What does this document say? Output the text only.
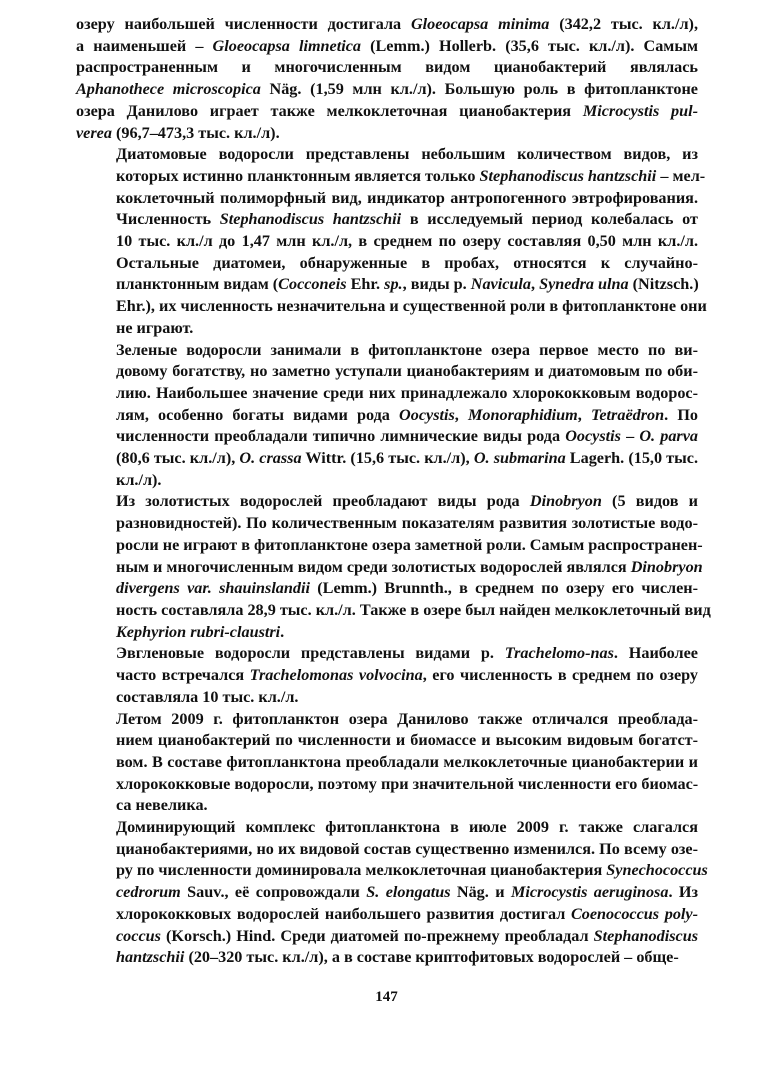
озеру наибольшей численности достигала Gloeocapsa minima (342,2 тыс. кл./л),
а наименьшей – Gloeocapsa limnetica (Lemm.) Hollerb. (35,6 тыс. кл./л). Самым
распространенным и многочисленным видом цианобактерий являлась
Aphanothece microscopica Näg. (1,59 млн кл./л). Большую роль в фитопланктоне
озера Данилово играет также мелкоклеточная цианобактерия Microcystis pul-
verea (96,7–473,3 тыс. кл./л).
Диатомовые водоросли представлены небольшим количеством видов, из
которых истинно планктонным является только Stephanodiscus hantzschii – мел-
коклеточный полиморфный вид, индикатор антропогенного эвтрофирования.
Численность Stephanodiscus hantzschii в исследуемый период колебалась от
10 тыс. кл./л до 1,47 млн кл./л, в среднем по озеру составляя 0,50 млн кл./л.
Остальные диатомеи, обнаруженные в пробах, относятся к случайно-
планктонным видам (Cocconeis Ehr. sp., виды р. Navicula, Synedra ulna (Nitzsch.)
Ehr.), их численность незначительна и существенной роли в фитопланктоне они
не играют.
Зеленые водоросли занимали в фитопланктоне озера первое место по ви-
довому богатству, но заметно уступали цианобактериям и диатомовым по оби-
лию. Наибольшее значение среди них принадлежало хлорококковым водорос-
лям, особенно богаты видами рода Oocystis, Monoraphidium, Tetraëdron. По
численности преобладали типично лимнические виды рода Oocystis – O. parva
(80,6 тыс. кл./л), O. crassa Wittr. (15,6 тыс. кл./л), O. submarina Lagerh. (15,0 тыс.
кл./л).
Из золотистых водорослей преобладают виды рода Dinobryon (5 видов и
разновидностей). По количественным показателям развития золотистые водо-
росли не играют в фитопланктоне озера заметной роли. Самым распространен-
ным и многочисленным видом среди золотистых водорослей являлся Dinobryon
divergens var. shauinslandii (Lemm.) Brunnth., в среднем по озеру его числен-
ность составляла 28,9 тыс. кл./л. Также в озере был найден мелкоклеточный вид
Kephyrion rubri-claustri.
Эвгленовые водоросли представлены видами р. Trachelomo-nas. Наиболее
часто встречался Trachelomonas volvocina, его численность в среднем по озеру
составляла 10 тыс. кл./л.
Летом 2009 г. фитопланктон озера Данилово также отличался преоблада-
нием цианобактерий по численности и биомассе и высоким видовым богатст-
вом. В составе фитопланктона преобладали мелкоклеточные цианобактерии и
хлорококковые водоросли, поэтому при значительной численности его биомас-
са невелика.
Доминирующий комплекс фитопланктона в июле 2009 г. также слагался
цианобактериями, но их видовой состав существенно изменился. По всему озе-
ру по численности доминировала мелкоклеточная цианобактерия Synechococcus
cedrorum Sauv., её сопровождали S. elongatus Näg. и Microcystis aeruginosa. Из
хлорококковых водорослей наибольшего развития достигал Coenococcus poly-
coccus (Korsch.) Hind. Среди диатомей по-прежнему преобладал Stephanodiscus
hantzschii (20–320 тыс. кл./л), а в составе криптофитовых водорослей – обще-
147
